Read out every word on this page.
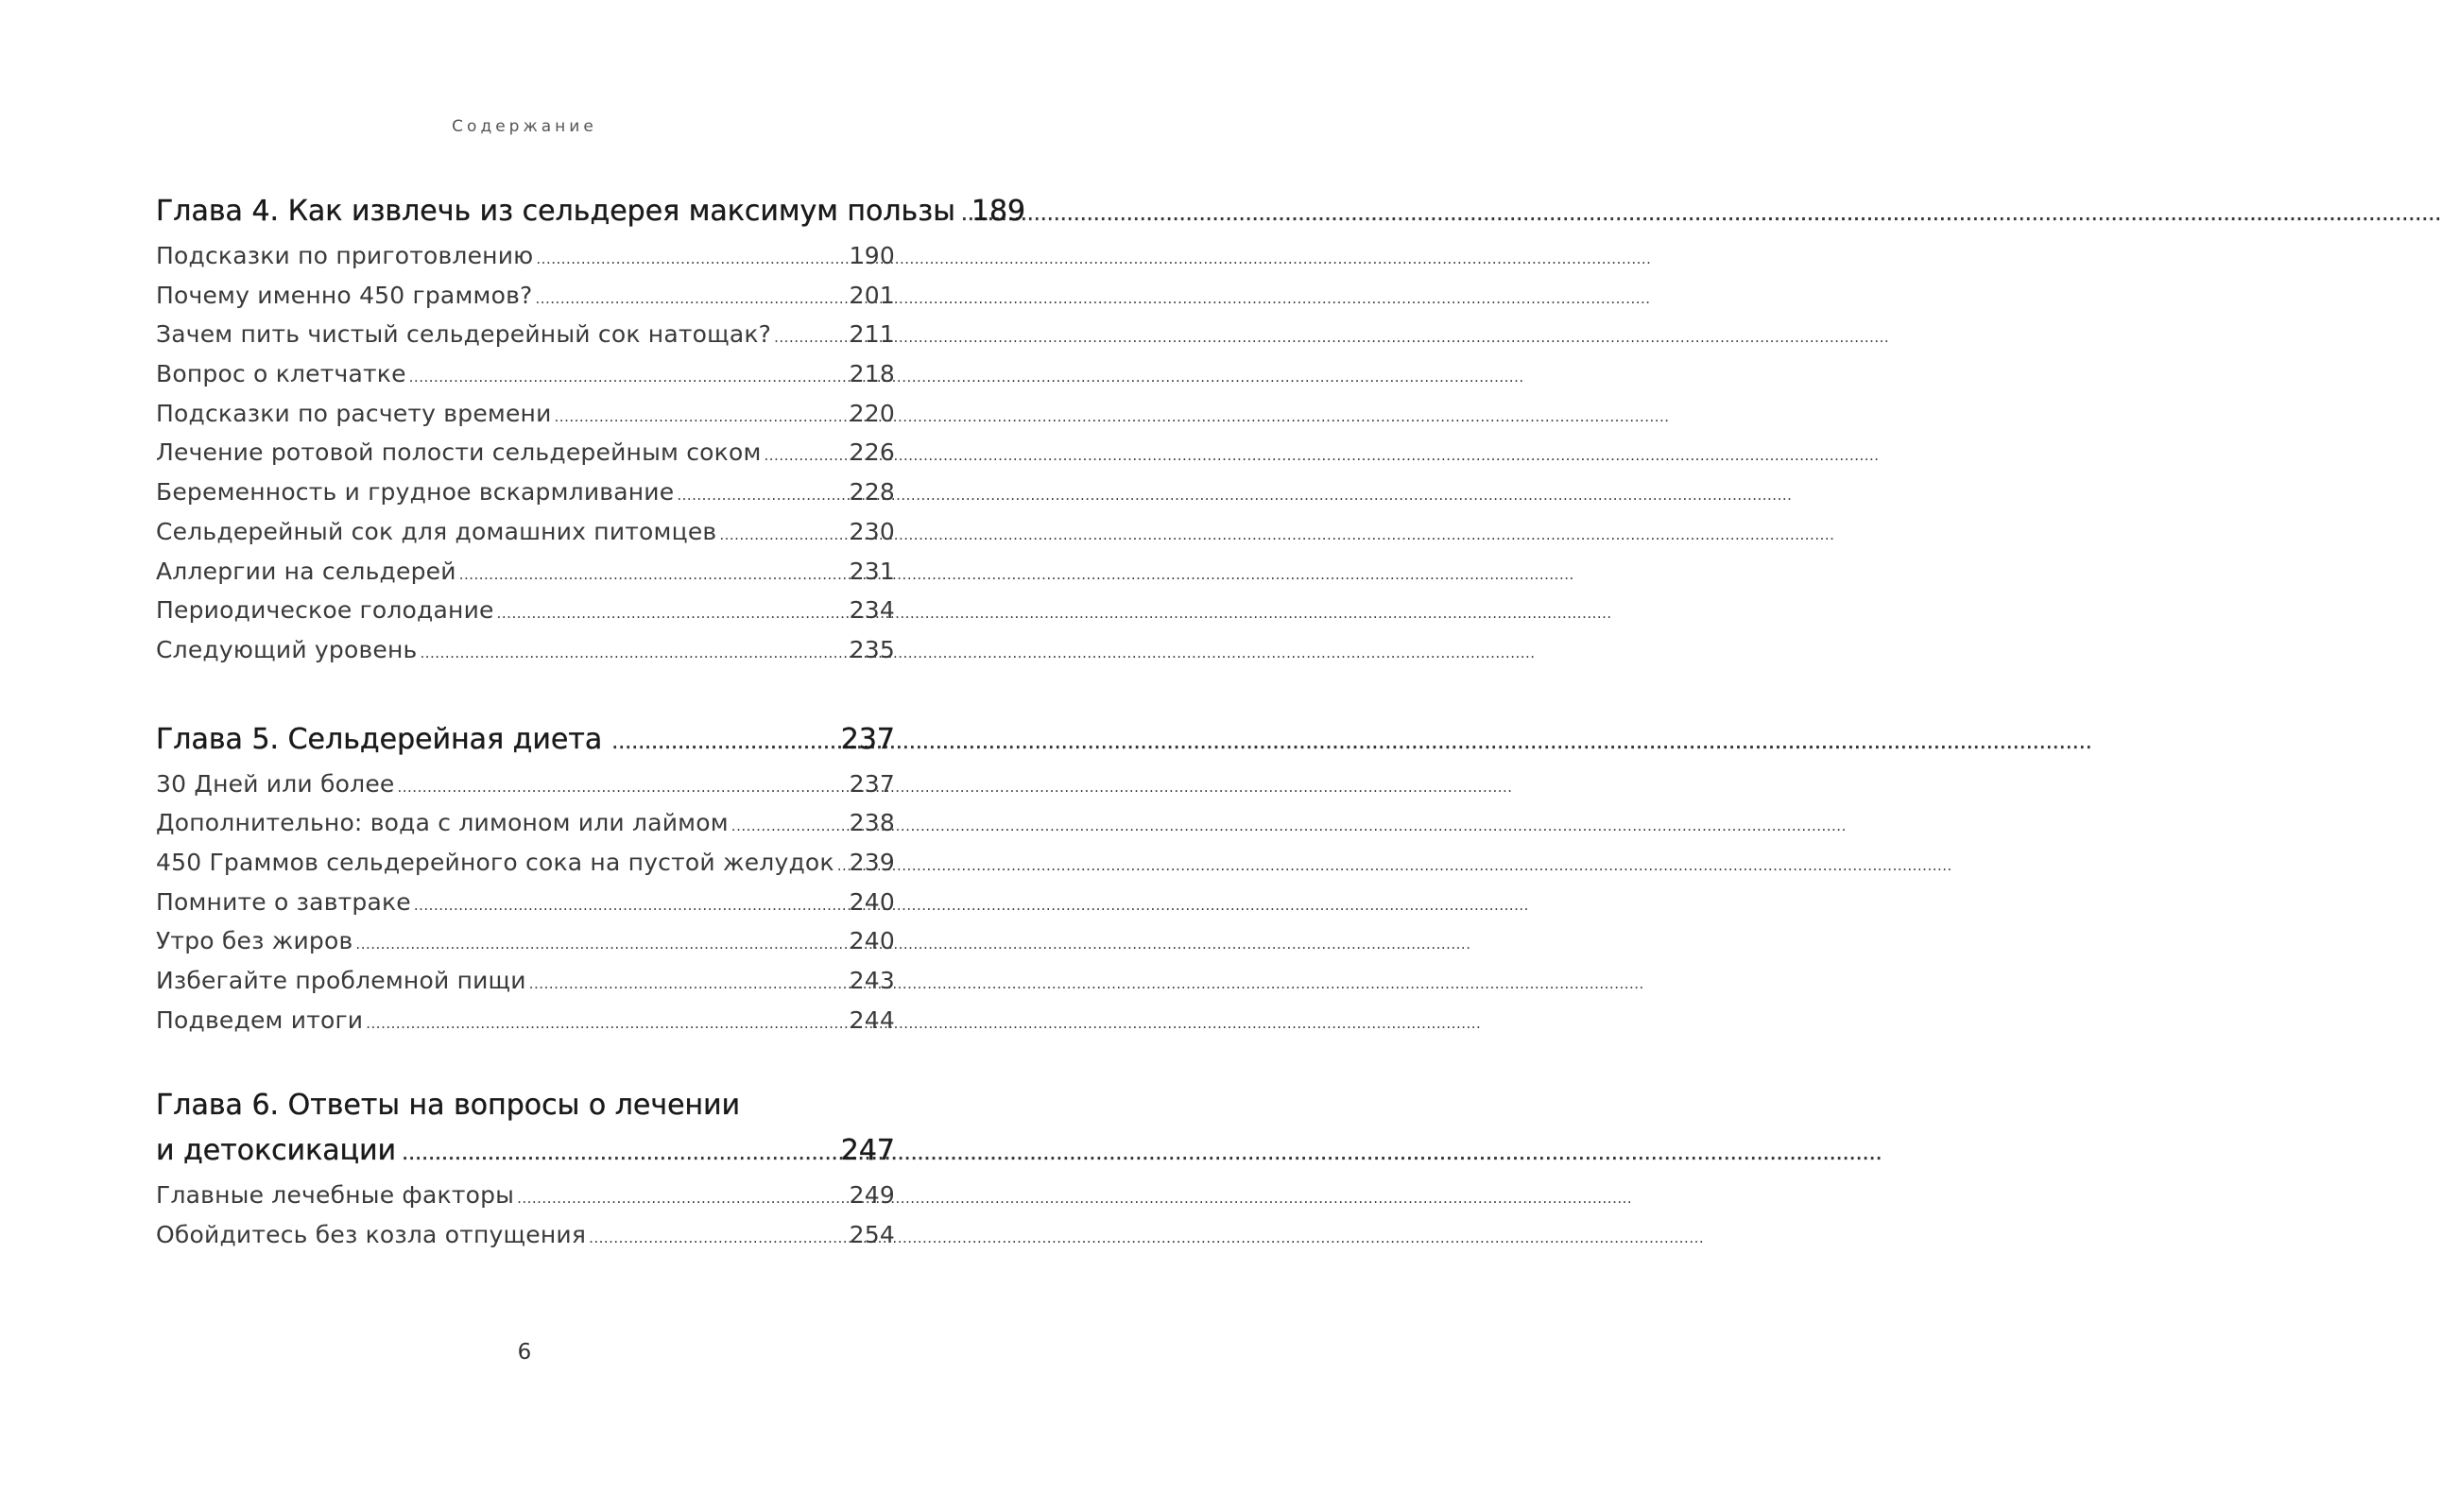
Содержание
Глава 4. Как извлечь из сельдерея максимум пользы ..... 189
Подсказки по приготовлению .....	190
Почему именно 450 граммов? .....	201
Зачем пить чистый сельдерейный сок натощак? .....	211
Вопрос о клетчатке .....	218
Подсказки по расчету времени .....	220
Лечение ротовой полости сельдерейным соком .....	226
Беременность и грудное вскармливание .....	228
Сельдерейный сок для домашних питомцев .....	230
Аллергии на сельдерей .....	231
Периодическое голодание .....	234
Следующий уровень .....	235
Глава 5. Сельдерейная диета .....	237
30 Дней или более .....	237
Дополнительно: вода с лимоном или лаймом .....	238
450 Граммов сельдерейного сока на пустой желудок ..... 239
Помните о завтраке .....	240
Утро без жиров .....	240
Избегайте проблемной пищи .....	243
Подведем итоги .....	244
Глава 6. Ответы на вопросы о лечении
и детоксикации .....	247
Главные лечебные факторы .....	249
Обойдитесь без козла отпущения .....	254
6
